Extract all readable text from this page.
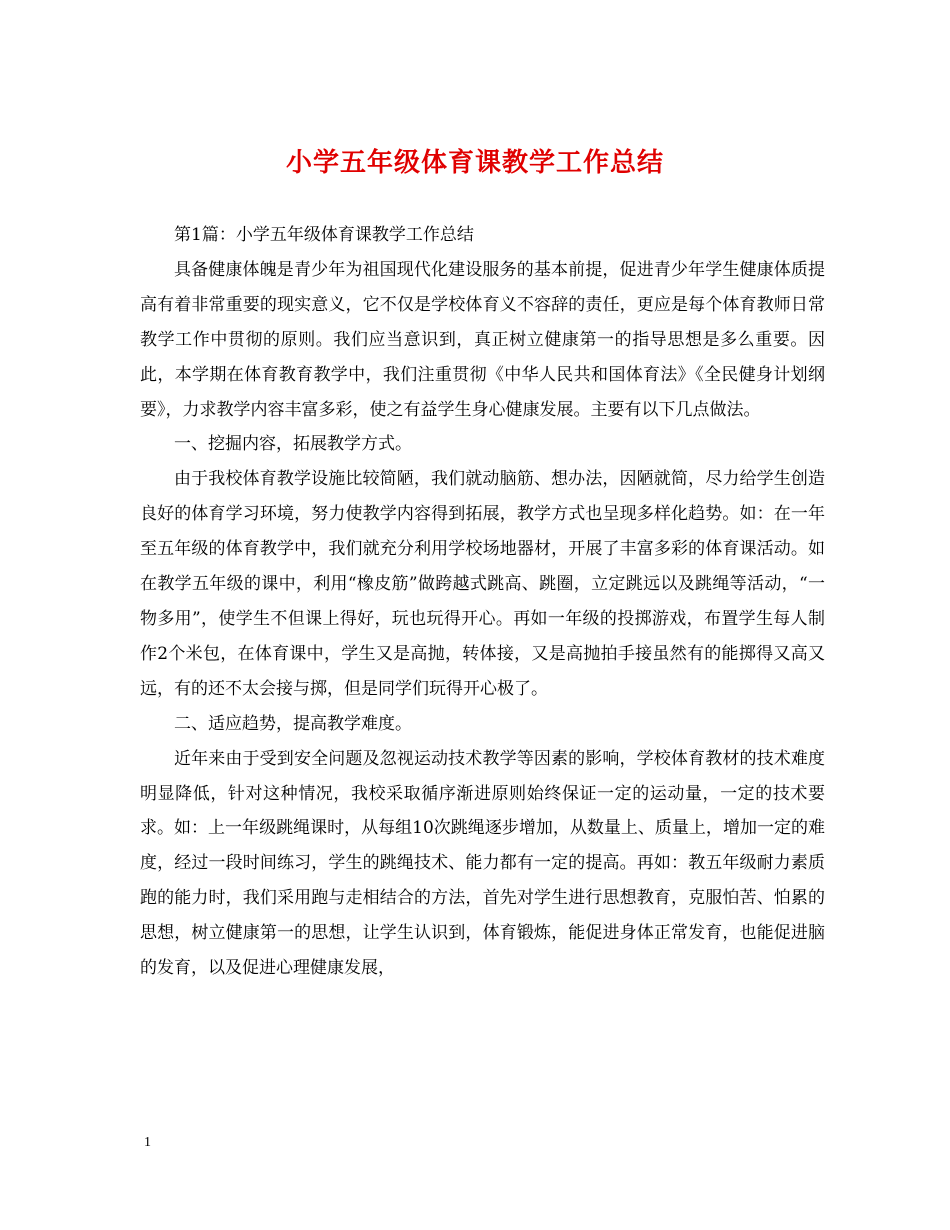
小学五年级体育课教学工作总结

第1篇：小学五年级体育课教学工作总结

具备健康体魄是青少年为祖国现代化建设服务的基本前提，促进青少年学生健康体质提高有着非常重要的现实意义，它不仅是学校体育义不容辞的责任，更应是每个体育教师日常教学工作中贯彻的原则。我们应当意识到，真正树立健康第一的指导思想是多么重要。因此，本学期在体育教育教学中，我们注重贯彻《中华人民共和国体育法》《全民健身计划纲要》，力求教学内容丰富多彩，使之有益学生身心健康发展。主要有以下几点做法。

一、挖掘内容，拓展教学方式。

由于我校体育教学设施比较简陋，我们就动脑筋、想办法，因陋就简，尽力给学生创造良好的体育学习环境，努力使教学内容得到拓展，教学方式也呈现多样化趋势。如：在一年至五年级的体育教学中，我们就充分利用学校场地器材，开展了丰富多彩的体育课活动。如在教学五年级的课中，利用“橡皮筋”做跨越式跳高、跳圈，立定跳远以及跳绳等活动，“一物多用”，使学生不但课上得好，玩也玩得开心。再如一年级的投掷游戏，布置学生每人制作2个米包，在体育课中，学生又是高抛，转体接，又是高抛拍手接虽然有的能掷得又高又远，有的还不太会接与掷，但是同学们玩得开心极了。

二、适应趋势，提高教学难度。

近年来由于受到安全问题及忽视运动技术教学等因素的影响，学校体育教材的技术难度明显降低，针对这种情况，我校采取循序渐进原则始终保证一定的运动量，一定的技术要求。如：上一年级跳绳课时，从每组10次跳绳逐步增加，从数量上、质量上，增加一定的难度，经过一段时间练习，学生的跳绳技术、能力都有一定的提高。再如：教五年级耐力素质跑的能力时，我们采用跑与走相结合的方法，首先对学生进行思想教育，克服怕苦、怕累的思想，树立健康第一的思想，让学生认识到，体育锻炼，能促进身体正常发育，也能促进脑的发育，以及促进心理健康发展，

1
